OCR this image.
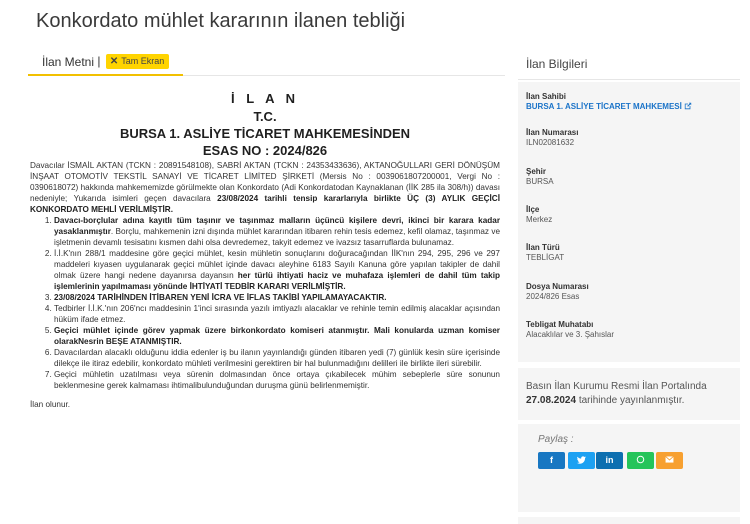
Konkordato mühlet kararının ilanen tebliği
İlan Metni | ✕ Tam Ekran
İ L A N
T.C.
BURSA 1. ASLİYE TİCARET MAHKEMESİNDEN
ESAS NO : 2024/826

Davacılar İSMAİL AKTAN (TCKN : 20891548108), SABRİ AKTAN (TCKN : 24353433636), AKTANOĞULLARI GERİ DÖNÜŞÜM İNŞAAT OTOMOTİV TEKSTİL SANAYİ VE TİCARET LİMİTED ŞİRKETİ (Mersis No : 0039061807200001, Vergi No : 0390618072) hakkında mahkememizde görülmekte olan Konkordato (Adi Konkordatodan Kaynaklanan (İİK 285 ila 308/h)) davası nedeniyle; Yukarıda isimleri geçen davacılara 23/08/2024 tarihli tensip kararlarıyla birlikte ÜÇ (3) AYLIK GEÇİCİ KONKORDATO MEHLİ VERİLMİŞTİR.

1. Davacı-borçlular adına kayıtlı tüm taşınır ve taşınmaz malların üçüncü kişilere devri, ikinci bir karara kadar yasaklanmıştır. Borçlu, mahkemenin izni dışında mühlet kararından itibaren rehin tesis edemez, kefil olamaz, taşınmaz ve işletmenin devamlı tesisatını kısmen dahi olsa devredemez, takyit edemez ve ivazsız tasarruflarda bulunamaz.
2. İ.İ.K'nın 288/1 maddesine göre geçici mühlet, kesin mühletin sonuçlarını doğuracağından İİK'nın 294, 295, 296 ve 297 maddeleri kıyasen uygulanarak geçici mühlet içinde davacı aleyhine 6183 Sayılı Kanuna göre yapılan takipler de dahil olmak üzere hangi nedene dayanırsa dayansın her türlü ihtiyati haciz ve muhafaza işlemleri de dahil tüm takip işlemlerinin yapılmaması yönünde İHTİYATİ TEDBİR KARARI VERİLMİŞTİR.
3. 23/08/2024 TARİHİNDEN İTİBAREN YENİ İCRA VE İFLAS TAKİBİ YAPILAMAYACAKTIR.
4. Tedbirler İ.İ.K.'nın 206'ncı maddesinin 1'inci sırasında yazılı imtiyazlı alacaklar ve rehinle temin edilmiş alacaklar açısından hüküm ifade etmez.
5. Geçici mühlet içinde görev yapmak üzere birkonkordato komiseri atanmıştır. Mali konularda uzman komiser olarakNesrin BEŞE ATANMIŞTIR.
6. Davacılardan alacaklı olduğunu iddia edenler iş bu ilanın yayınlandığı günden itibaren yedi (7) günlük kesin süre içerisinde dilekçe ile itiraz edebilir, konkordato mühleti verilmesini gerektiren bir hal bulunmadığını delilleri ile birlikte ileri sürebilir.
7. Geçici mühletin uzatılması veya sürenin dolmasından önce ortaya çıkabilecek mühim sebeplerle süre sonunun beklenmesine gerek kalmaması ihtimalibulunduğundan duruşma günü belirlenmemiştir.

İlan olunur.

İlan Bilgileri
İlan Sahibi
BURSA 1. ASLİYE TİCARET MAHKEMESİ
İlan Numarası
ILN02081632
Şehir
BURSA
İlçe
Merkez
İlan Türü
TEBLİGAT
Dosya Numarası
2024/826 Esas
Tebligat Muhatabı
Alacaklılar ve 3. Şahıslar
Basın İlan Kurumu Resmi İlan Portalında 27.08.2024 tarihinde yayınlanmıştır.
Paylaş :
f	in
